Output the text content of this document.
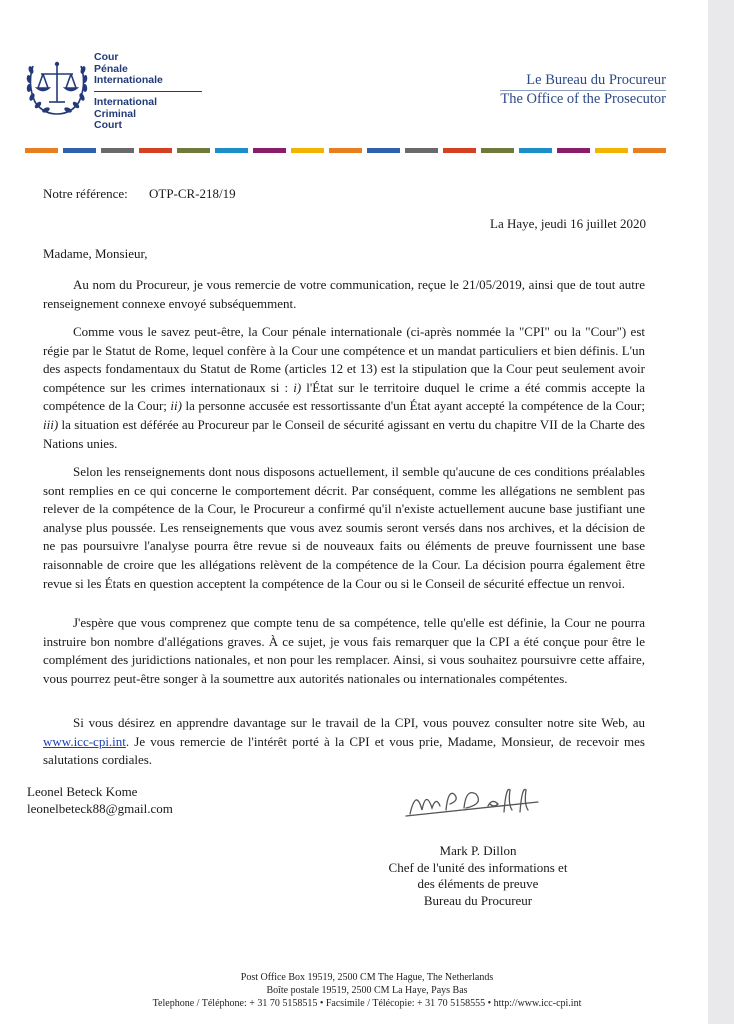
Cour
Pénale
Internationale
International
Criminal
Court
Le Bureau du Procureur
The Office of the Prosecutor
Notre référence: OTP-CR-218/19
La Haye, jeudi 16 juillet 2020
Madame, Monsieur,

Au nom du Procureur, je vous remercie de votre communication, reçue le 21/05/2019, ainsi que de tout autre renseignement connexe envoyé subséquemment.

Comme vous le savez peut-être, la Cour pénale internationale (ci-après nommée la "CPI" ou la "Cour") est régie par le Statut de Rome, lequel confère à la Cour une compétence et un mandat particuliers et bien définis. L'un des aspects fondamentaux du Statut de Rome (articles 12 et 13) est la stipulation que la Cour peut seulement avoir compétence sur les crimes internationaux si : i) l'État sur le territoire duquel le crime a été commis accepte la compétence de la Cour; ii) la personne accusée est ressortissante d'un État ayant accepté la compétence de la Cour; iii) la situation est déférée au Procureur par le Conseil de sécurité agissant en vertu du chapitre VII de la Charte des Nations unies.

Selon les renseignements dont nous disposons actuellement, il semble qu'aucune de ces conditions préalables sont remplies en ce qui concerne le comportement décrit. Par conséquent, comme les allégations ne semblent pas relever de la compétence de la Cour, le Procureur a confirmé qu'il n'existe actuellement aucune base justifiant une analyse plus poussée. Les renseignements que vous avez soumis seront versés dans nos archives, et la décision de ne pas poursuivre l'analyse pourra être revue si de nouveaux faits ou éléments de preuve fournissent une base raisonnable de croire que les allégations relèvent de la compétence de la Cour. La décision pourra également être revue si les États en question acceptent la compétence de la Cour ou si le Conseil de sécurité effectue un renvoi.

J'espère que vous comprenez que compte tenu de sa compétence, telle qu'elle est définie, la Cour ne pourra instruire bon nombre d'allégations graves. À ce sujet, je vous fais remarquer que la CPI a été conçue pour être le complément des juridictions nationales, et non pour les remplacer. Ainsi, si vous souhaitez poursuivre cette affaire, vous pourrez peut-être songer à la soumettre aux autorités nationales ou internationales compétentes.

Si vous désirez en apprendre davantage sur le travail de la CPI, vous pouvez consulter notre site Web, au www.icc-cpi.int. Je vous remercie de l'intérêt porté à la CPI et vous prie, Madame, Monsieur, de recevoir mes salutations cordiales.

Leonel Beteck Kome
leonelbeteck88@gmail.com
Mark P. Dillon
Chef de l'unité des informations et
des éléments de preuve
Bureau du Procureur
Post Office Box 19519, 2500 CM The Hague, The Netherlands
Boîte postale 19519, 2500 CM La Haye, Pays Bas
Telephone / Téléphone: + 31 70 5158515 • Facsimile / Télécopie: + 31 70 5158555 • http://www.icc-cpi.int
